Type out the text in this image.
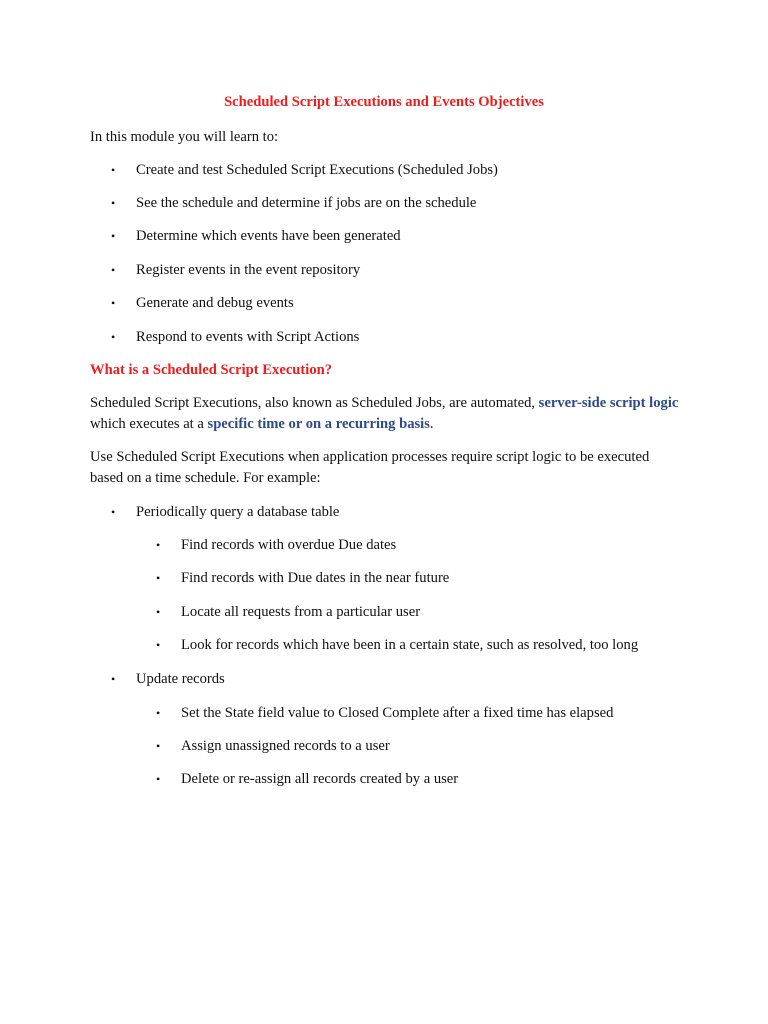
Scheduled Script Executions and Events Objectives
In this module you will learn to:
• Create and test Scheduled Script Executions (Scheduled Jobs)
• See the schedule and determine if jobs are on the schedule
• Determine which events have been generated
• Register events in the event repository
• Generate and debug events
• Respond to events with Script Actions
What is a Scheduled Script Execution?
Scheduled Script Executions, also known as Scheduled Jobs, are automated, server-side script logic which executes at a specific time or on a recurring basis.
Use Scheduled Script Executions when application processes require script logic to be executed based on a time schedule. For example:
• Periodically query a database table
• Find records with overdue Due dates
• Find records with Due dates in the near future
• Locate all requests from a particular user
• Look for records which have been in a certain state, such as resolved, too long
• Update records
• Set the State field value to Closed Complete after a fixed time has elapsed
• Assign unassigned records to a user
• Delete or re-assign all records created by a user
